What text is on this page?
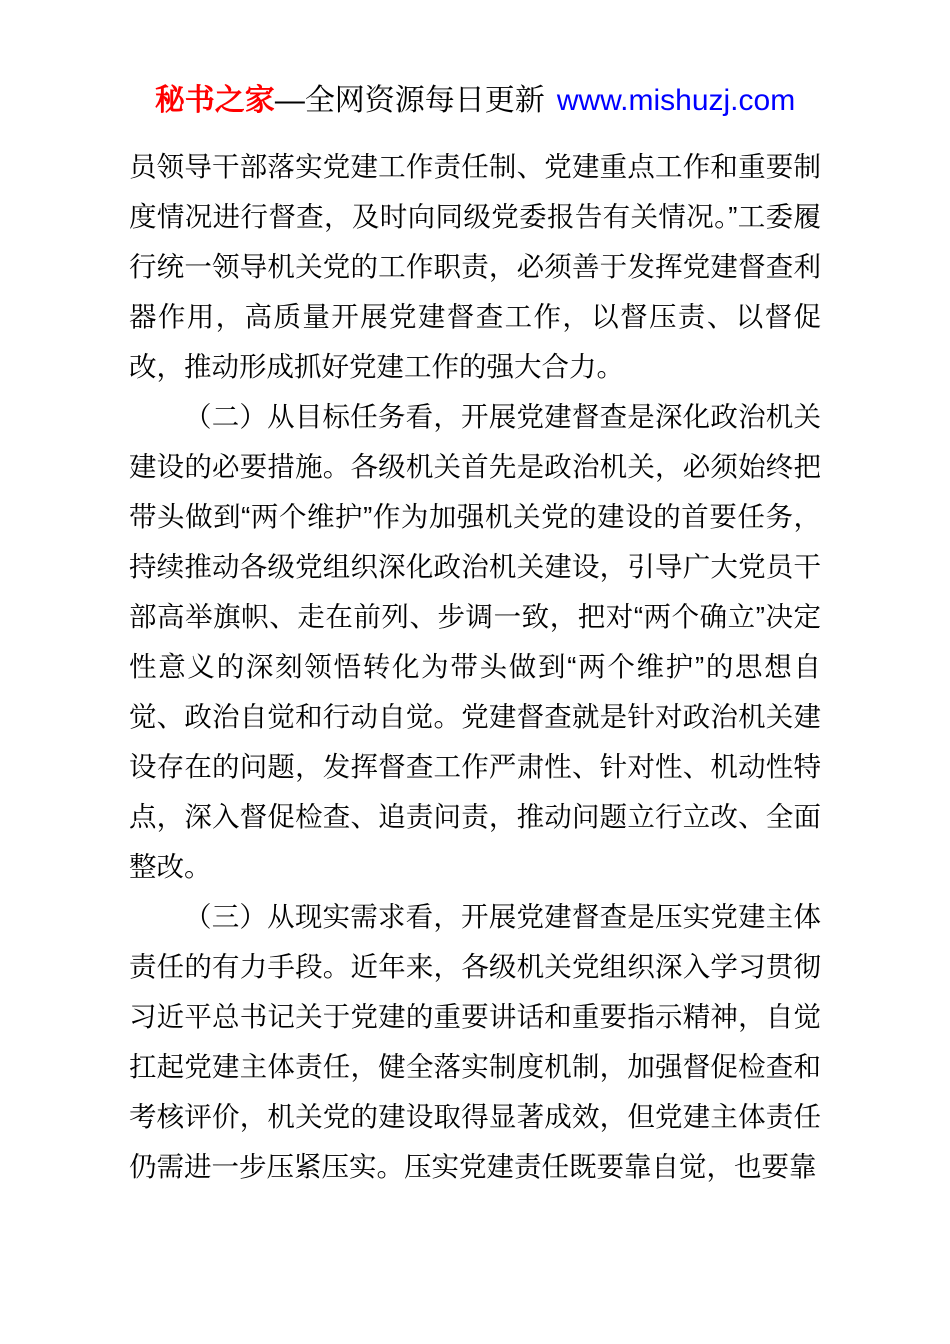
秘书之家—全网资源每日更新 www.mishuzj.com

员领导干部落实党建工作责任制、党建重点工作和重要制度情况进行督查，及时向同级党委报告有关情况。”工委履行统一领导机关党的工作职责，必须善于发挥党建督查利器作用，高质量开展党建督查工作，以督压责、以督促改，推动形成抓好党建工作的强大合力。

（二）从目标任务看，开展党建督查是深化政治机关建设的必要措施。各级机关首先是政治机关，必须始终把带头做到“两个维护”作为加强机关党的建设的首要任务，持续推动各级党组织深化政治机关建设，引导广大党员干部高举旗帜、走在前列、步调一致，把对“两个确立”决定性意义的深刻领悟转化为带头做到“两个维护”的思想自觉、政治自觉和行动自觉。党建督查就是针对政治机关建设存在的问题，发挥督查工作严肃性、针对性、机动性特点，深入督促检查、追责问责，推动问题立行立改、全面整改。

（三）从现实需求看，开展党建督查是压实党建主体责任的有力手段。近年来，各级机关党组织深入学习贯彻习近平总书记关于党建的重要讲话和重要指示精神，自觉扛起党建主体责任，健全落实制度机制，加强督促检查和考核评价，机关党的建设取得显著成效，但党建主体责任仍需进一步压紧压实。压实党建责任既要靠自觉，也要靠
